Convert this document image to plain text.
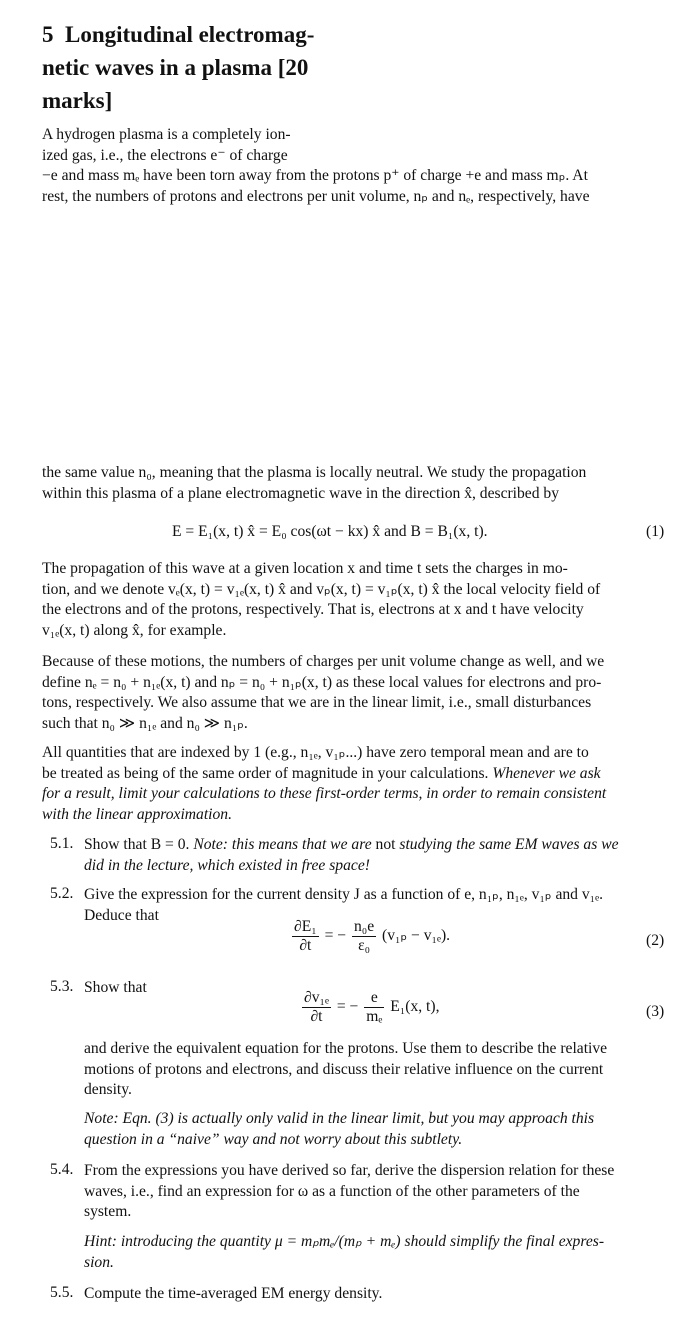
5 Longitudinal electromag-
netic waves in a plasma [20
marks]
A hydrogen plasma is a completely ion-
ized gas, i.e., the electrons e⁻ of charge
−e and mass mₑ have been torn away from the protons p⁺ of charge +e and mass mₚ. At
rest, the numbers of protons and electrons per unit volume, nₚ and nₑ, respectively, have
the same value n₀, meaning that the plasma is locally neutral. We study the propagation
within this plasma of a plane electromagnetic wave in the direction x̂, described by
E = E₁(x, t) x̂ = E₀ cos(ωt − kx) x̂ and B = B₁(x, t).	(1)
The propagation of this wave at a given location x and time t sets the charges in mo-
tion, and we denote vₑ(x, t) = v₁ₑ(x, t) x̂ and vₚ(x, t) = v₁ₚ(x, t) x̂ the local velocity field of
the electrons and of the protons, respectively. That is, electrons at x and t have velocity
v₁ₑ(x, t) along x̂, for example.
Because of these motions, the numbers of charges per unit volume change as well, and we
define nₑ = n₀ + n₁ₑ(x, t) and nₚ = n₀ + n₁ₚ(x, t) as these local values for electrons and pro-
tons, respectively. We also assume that we are in the linear limit, i.e., small disturbances
such that n₀ ≫ n₁ₑ and n₀ ≫ n₁ₚ.
All quantities that are indexed by 1 (e.g., n₁ₑ, v₁ₚ...) have zero temporal mean and are to
be treated as being of the same order of magnitude in your calculations. Whenever we ask
for a result, limit your calculations to these first-order terms, in order to remain consistent
with the linear approximation.
5.1. Show that B = 0. Note: this means that we are not studying the same EM waves as we
did in the lecture, which existed in free space!
5.2. Give the expression for the current density J as a function of e, n₁ₚ, n₁ₑ, v₁ₚ and v₁ₑ.
Deduce that
$\frac{\text{∂E₁}}{\partial t}$ = − $\frac{\text{n₀e}}{\text{ε₀}} (v_{1p} - v_{1e})$.	(2)
5.3. Show that
$\frac{\text{∂v₁ₑ}}{\partial t}$ = − $\frac{e}{\text{mₑ}} E_1(x$, t),	(3)
and derive the equivalent equation for the protons. Use them to describe the relative
motions of protons and electrons, and discuss their relative influence on the current
density.
Note: Eqn. (3) is actually only valid in the linear limit, but you may approach this
question in a “naive” way and not worry about this subtlety.
5.4. From the expressions you have derived so far, derive the dispersion relation for these
waves, i.e., find an expression for ω as a function of the other parameters of the
system.
Hint: introducing the quantity μ = mₚmₑ/(mₚ + mₑ) should simplify the final expres-
sion.
5.5. Compute the time-averaged EM energy density.
